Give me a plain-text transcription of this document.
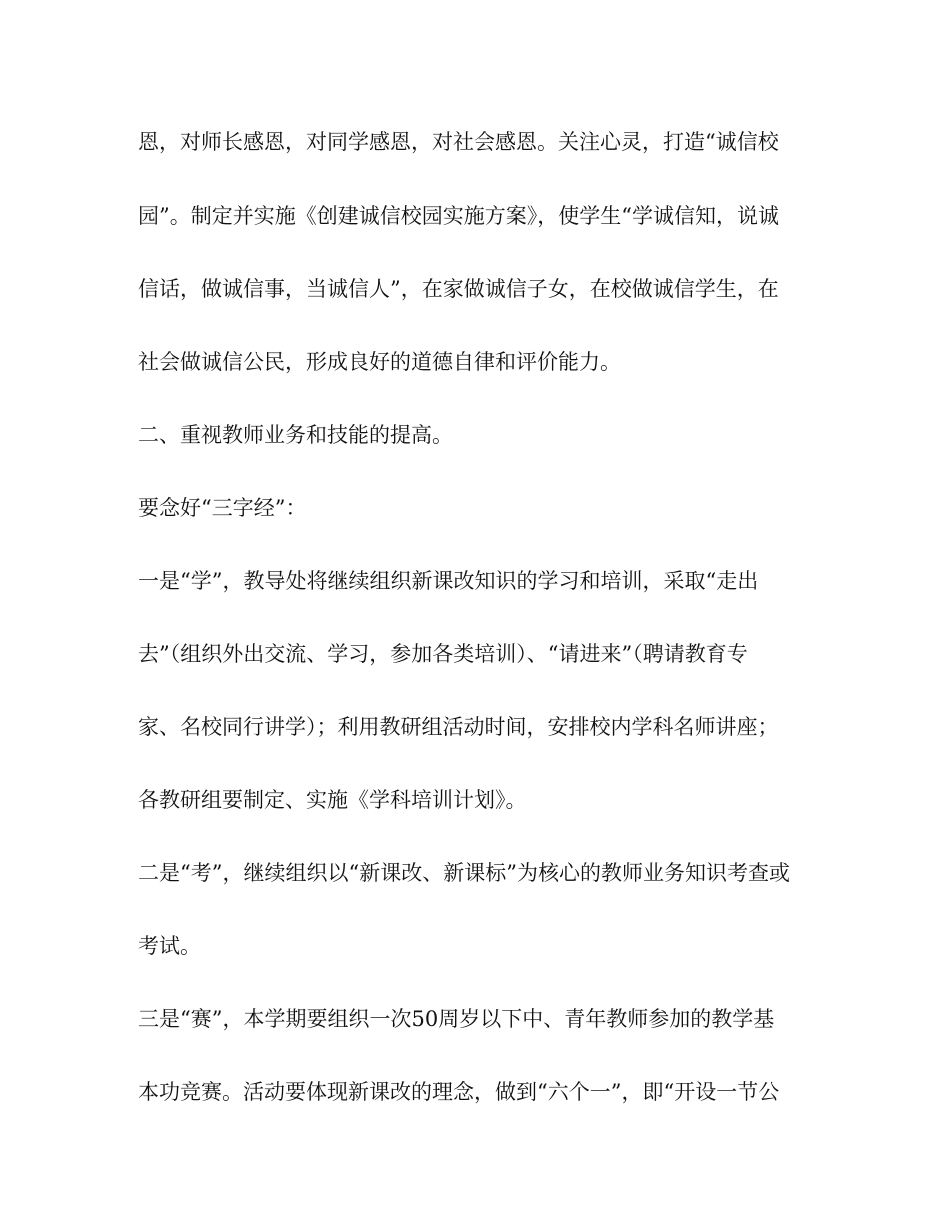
恩，对师长感恩，对同学感恩，对社会感恩。关注心灵，打造“诚信校

园”。制定并实施《创建诚信校园实施方案》，使学生“学诚信知，说诚

信话，做诚信事，当诚信人”，在家做诚信子女，在校做诚信学生，在

社会做诚信公民，形成良好的道德自律和评价能力。

二、重视教师业务和技能的提高。

要念好“三字经”：

一是“学”，教导处将继续组织新课改知识的学习和培训，采取“走出

去”（组织外出交流、学习，参加各类培训）、“请进来”（聘请教育专

家、名校同行讲学）；利用教研组活动时间，安排校内学科名师讲座；

各教研组要制定、实施《学科培训计划》。

二是“考”，继续组织以“新课改、新课标”为核心的教师业务知识考查或

考试。

三是“赛”，本学期要组织一次50周岁以下中、青年教师参加的教学基

本功竞赛。活动要体现新课改的理念，做到“六个一”，即“开设一节公
